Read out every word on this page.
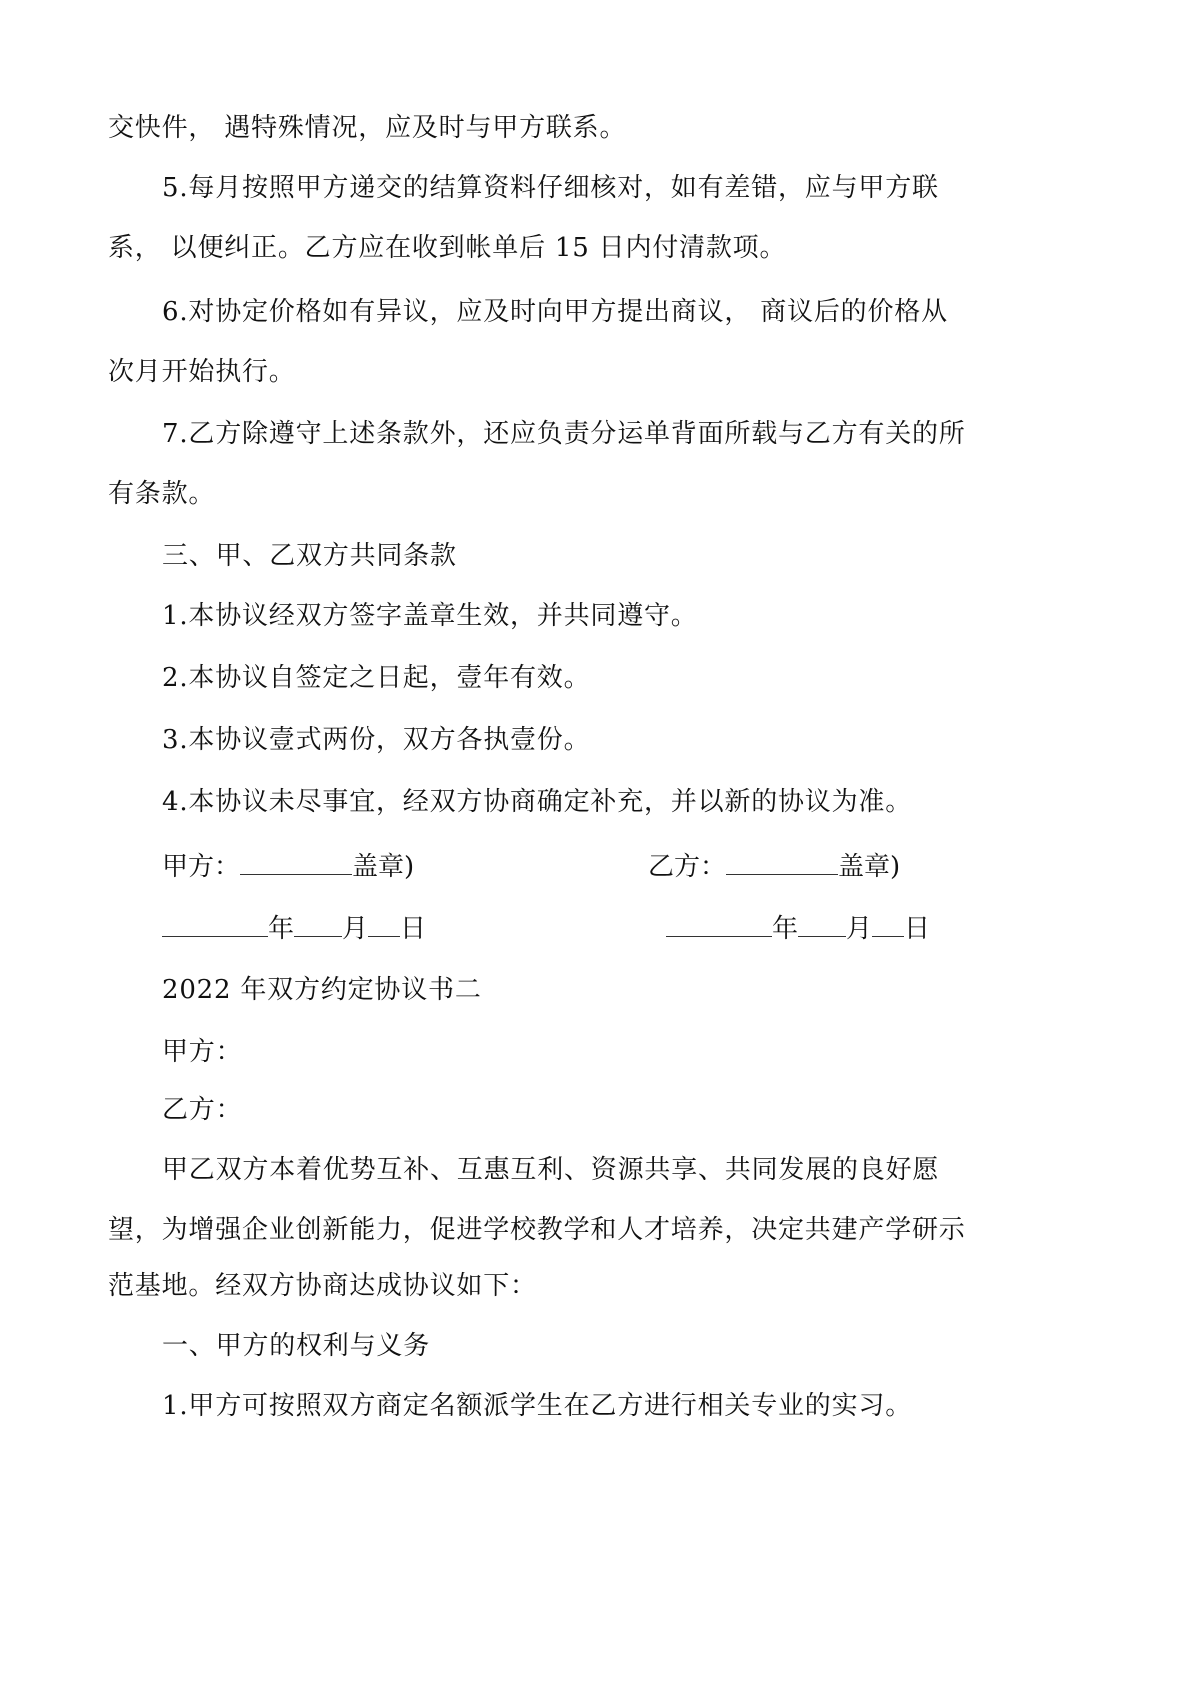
交快件， 遇特殊情况，应及时与甲方联系。

5.每月按照甲方递交的结算资料仔细核对，如有差错，应与甲方联

系， 以便纠正。乙方应在收到帐单后 15 日内付清款项。

6.对协定价格如有异议，应及时向甲方提出商议， 商议后的价格从

次月开始执行。

7.乙方除遵守上述条款外，还应负责分运单背面所载与乙方有关的所

有条款。

三、甲、乙双方共同条款

1.本协议经双方签字盖章生效，并共同遵守。

2.本协议自签定之日起，壹年有效。

3.本协议壹式两份，双方各执壹份。

4.本协议未尽事宜，经双方协商确定补充，并以新的协议为准。

甲方：	盖章)	乙方：	盖章)
年 月 日	年 月 日

2022 年双方约定协议书二

甲方：

乙方：

甲乙双方本着优势互补、互惠互利、资源共享、共同发展的良好愿

望，为增强企业创新能力，促进学校教学和人才培养，决定共建产学研示

范基地。经双方协商达成协议如下：

一、甲方的权利与义务

1.甲方可按照双方商定名额派学生在乙方进行相关专业的实习。
